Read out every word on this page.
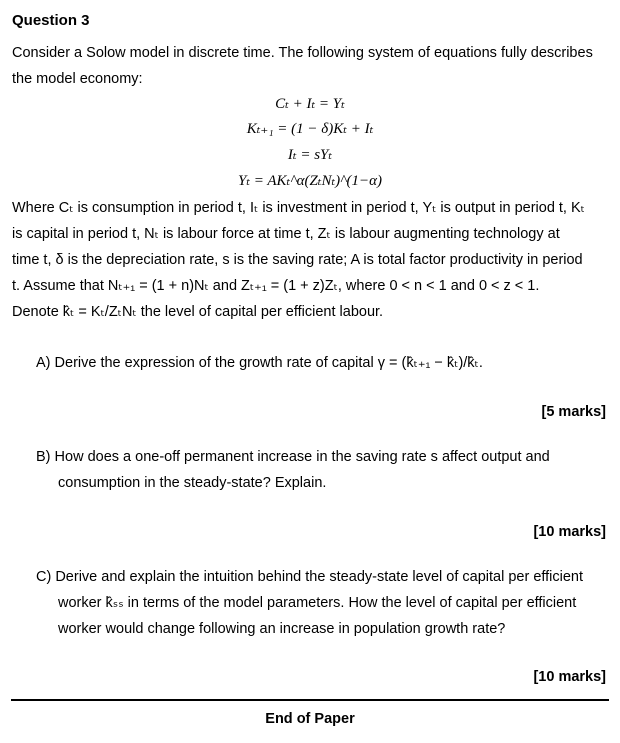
Question 3
Consider a Solow model in discrete time. The following system of equations fully describes the model economy:
Cₜ + Iₜ = Yₜ
Kₜ₊₁ = (1 − δ)Kₜ + Iₜ
Iₜ = sYₜ
Yₜ = AKₜ^α(ZₜNₜ)^(1−α)
Where Cₜ is consumption in period t, Iₜ is investment in period t, Yₜ is output in period t, Kₜ
is capital in period t, Nₜ is labour force at time t, Zₜ is labour augmenting technology at
time t, δ is the depreciation rate, s is the saving rate; A is total factor productivity in period
t. Assume that Nₜ₊₁ = (1 + n)Nₜ and Zₜ₊₁ = (1 + z)Zₜ, where 0 < n < 1 and 0 < z < 1.
Denote k̂ₜ = Kₜ/ZₜNₜ the level of capital per efficient labour.
A) Derive the expression of the growth rate of capital γ = (k̂ₜ₊₁ − k̂ₜ)/k̂ₜ.
[5 marks]
B) How does a one-off permanent increase in the saving rate s affect output and
consumption in the steady-state? Explain.
[10 marks]
C) Derive and explain the intuition behind the steady-state level of capital per efficient
worker k̂ₛₛ in terms of the model parameters. How the level of capital per efficient
worker would change following an increase in population growth rate?
[10 marks]
End of Paper
